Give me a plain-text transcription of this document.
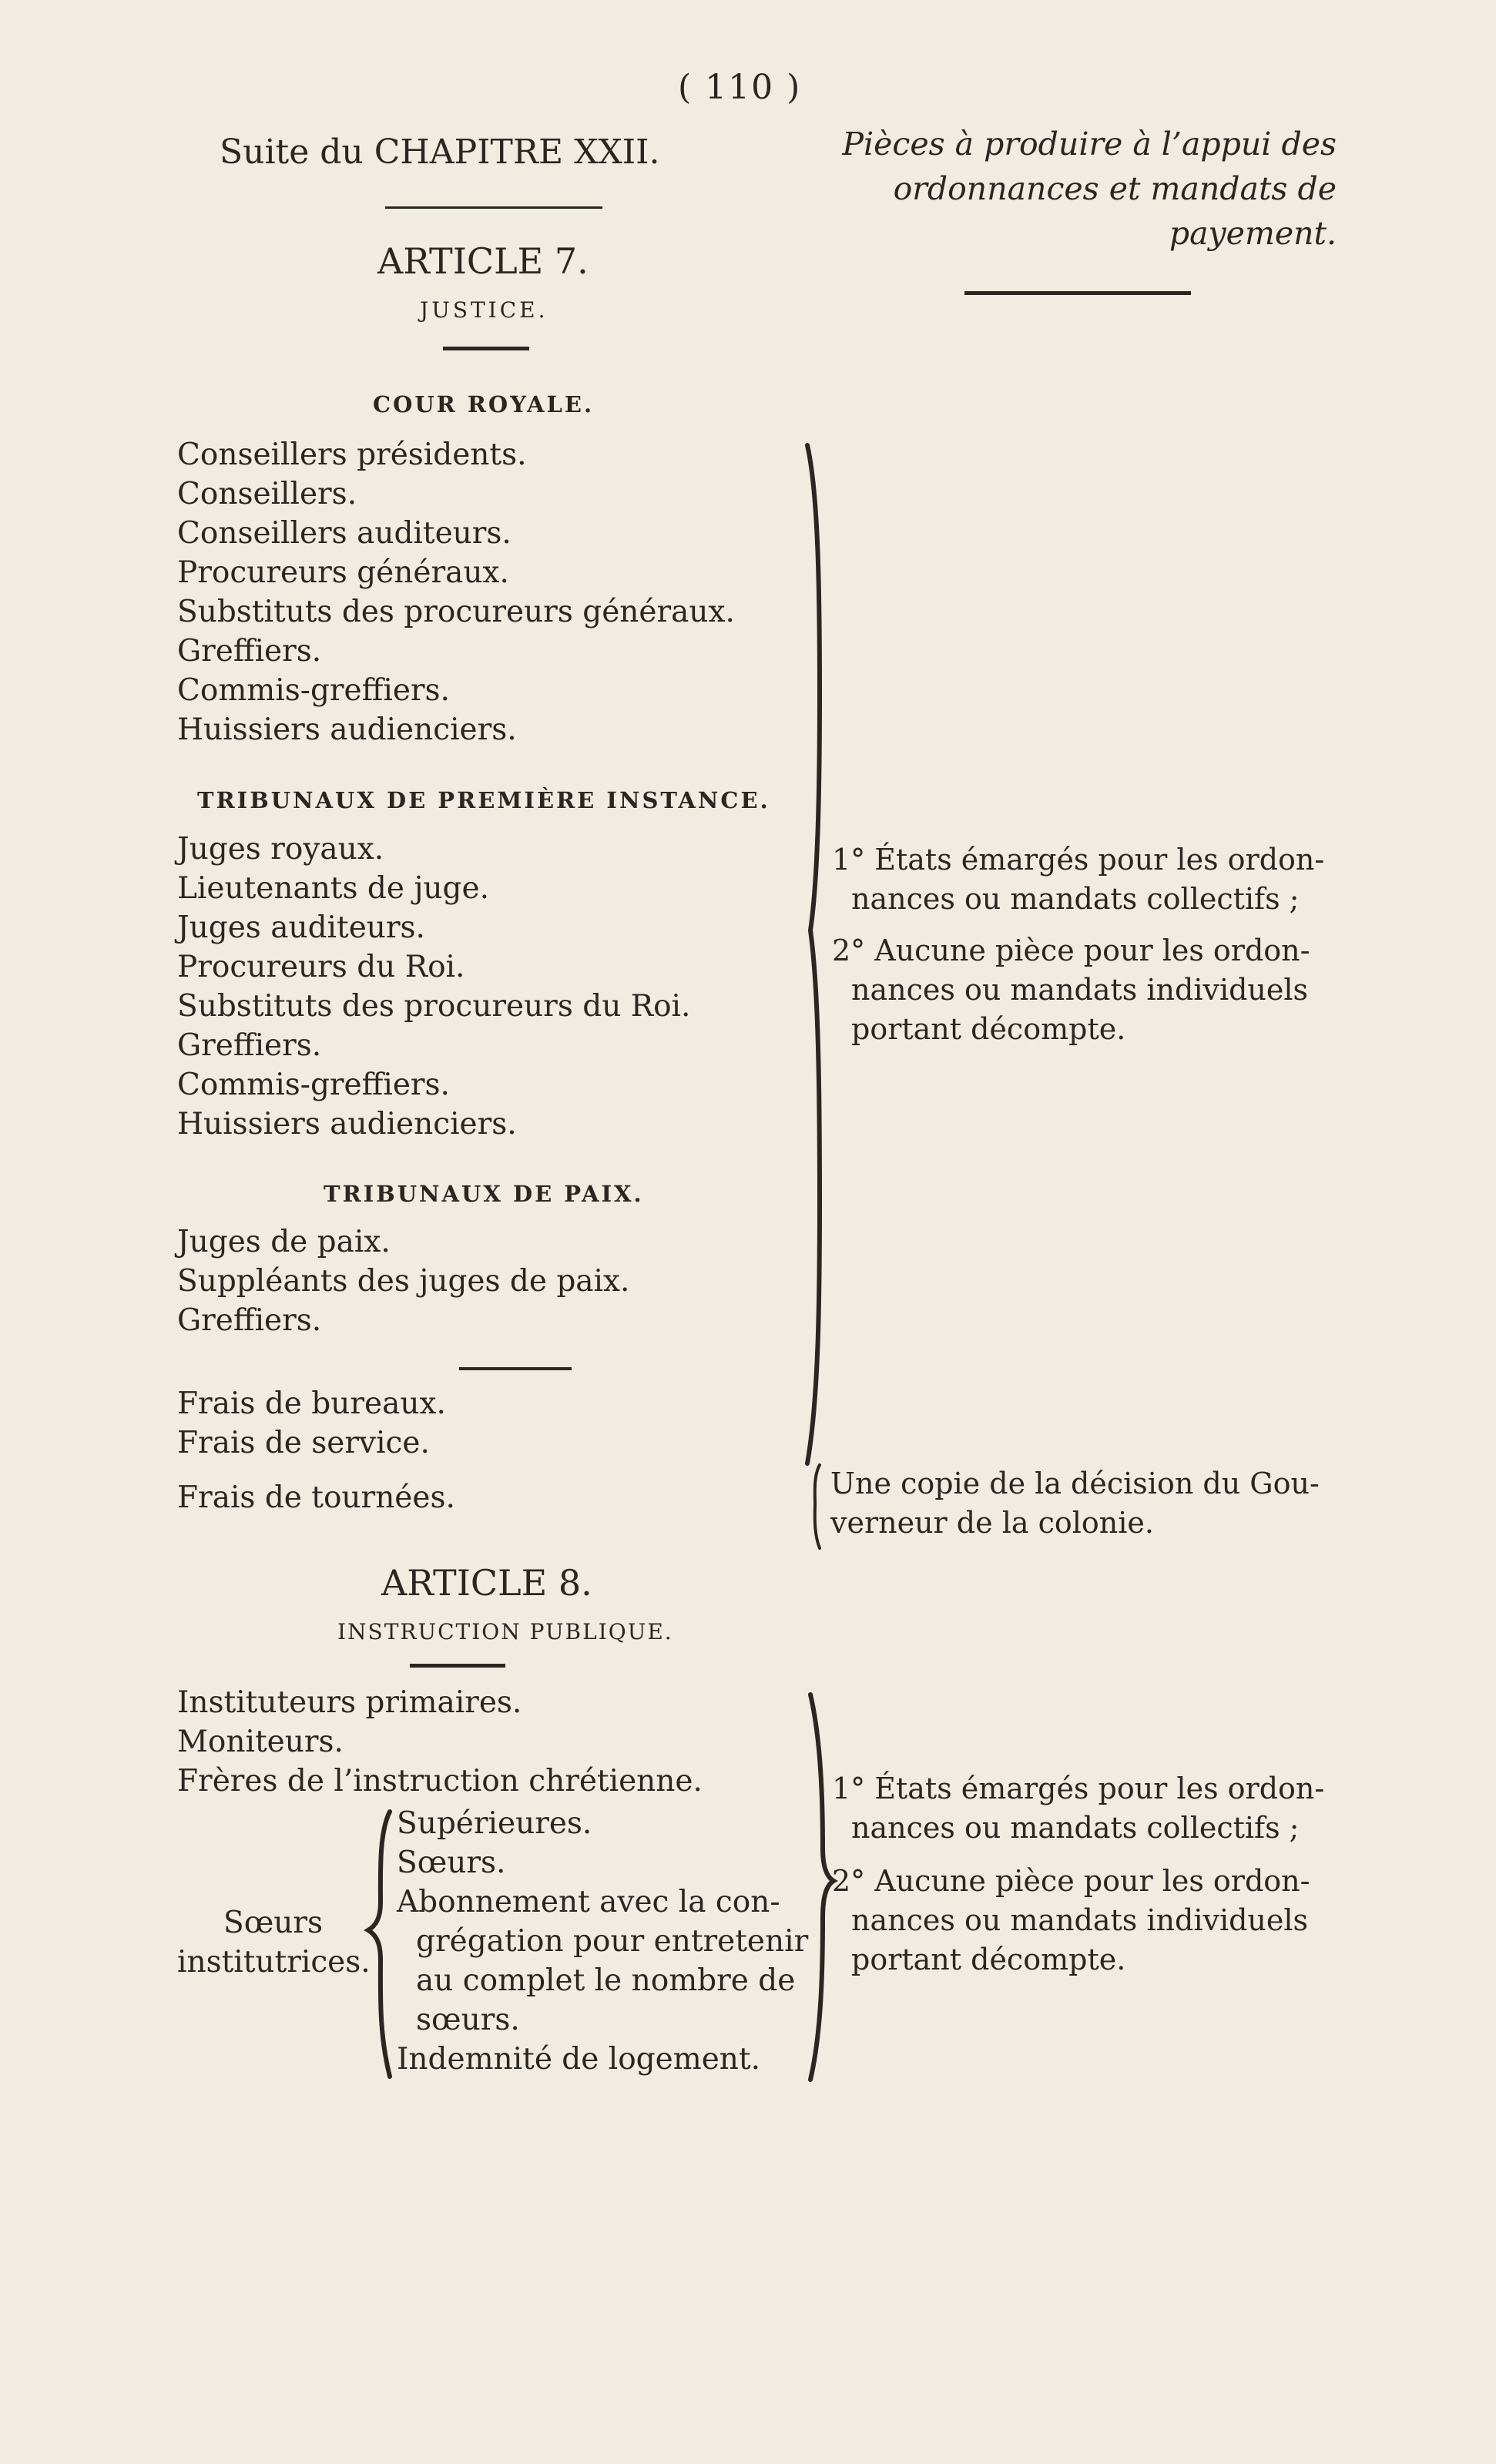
( 110 )
Suite du CHAPITRE XXII.	Pièces à produire à l’appui des
ordonnances et mandats de
payement.
ARTICLE 7.
JUSTICE.
COUR ROYALE.
Conseillers présidents.
Conseillers.
Conseillers auditeurs.
Procureurs généraux.
Substituts des procureurs généraux.
Greffiers.
Commis-greffiers.
Huissiers audienciers.
TRIBUNAUX DE PREMIÈRE INSTANCE.
Juges royaux.
Lieutenants de juge.
Juges auditeurs.
Procureurs du Roi.
Substituts des procureurs du Roi.
Greffiers.
Commis-greffiers.
Huissiers audienciers.
TRIBUNAUX DE PAIX.
Juges de paix.
Suppléants des juges de paix.
Greffiers.
Frais de bureaux.
Frais de service.
Frais de tournées.
1° États émargés pour les ordon-
nances ou mandats collectifs ;
2° Aucune pièce pour les ordon-
nances ou mandats individuels
portant décompte.
Une copie de la décision du Gou-
verneur de la colonie.
ARTICLE 8.
INSTRUCTION PUBLIQUE.
Instituteurs primaires.
Moniteurs.
Frères de l’instruction chrétienne.
Sœurs
institutrices.
Supérieures.
Sœurs.
Abonnement avec la con-
grégation pour entretenir
au complet le nombre de
sœurs.
Indemnité de logement.
1° États émargés pour les ordon-
nances ou mandats collectifs ;
2° Aucune pièce pour les ordon-
nances ou mandats individuels
portant décompte.
